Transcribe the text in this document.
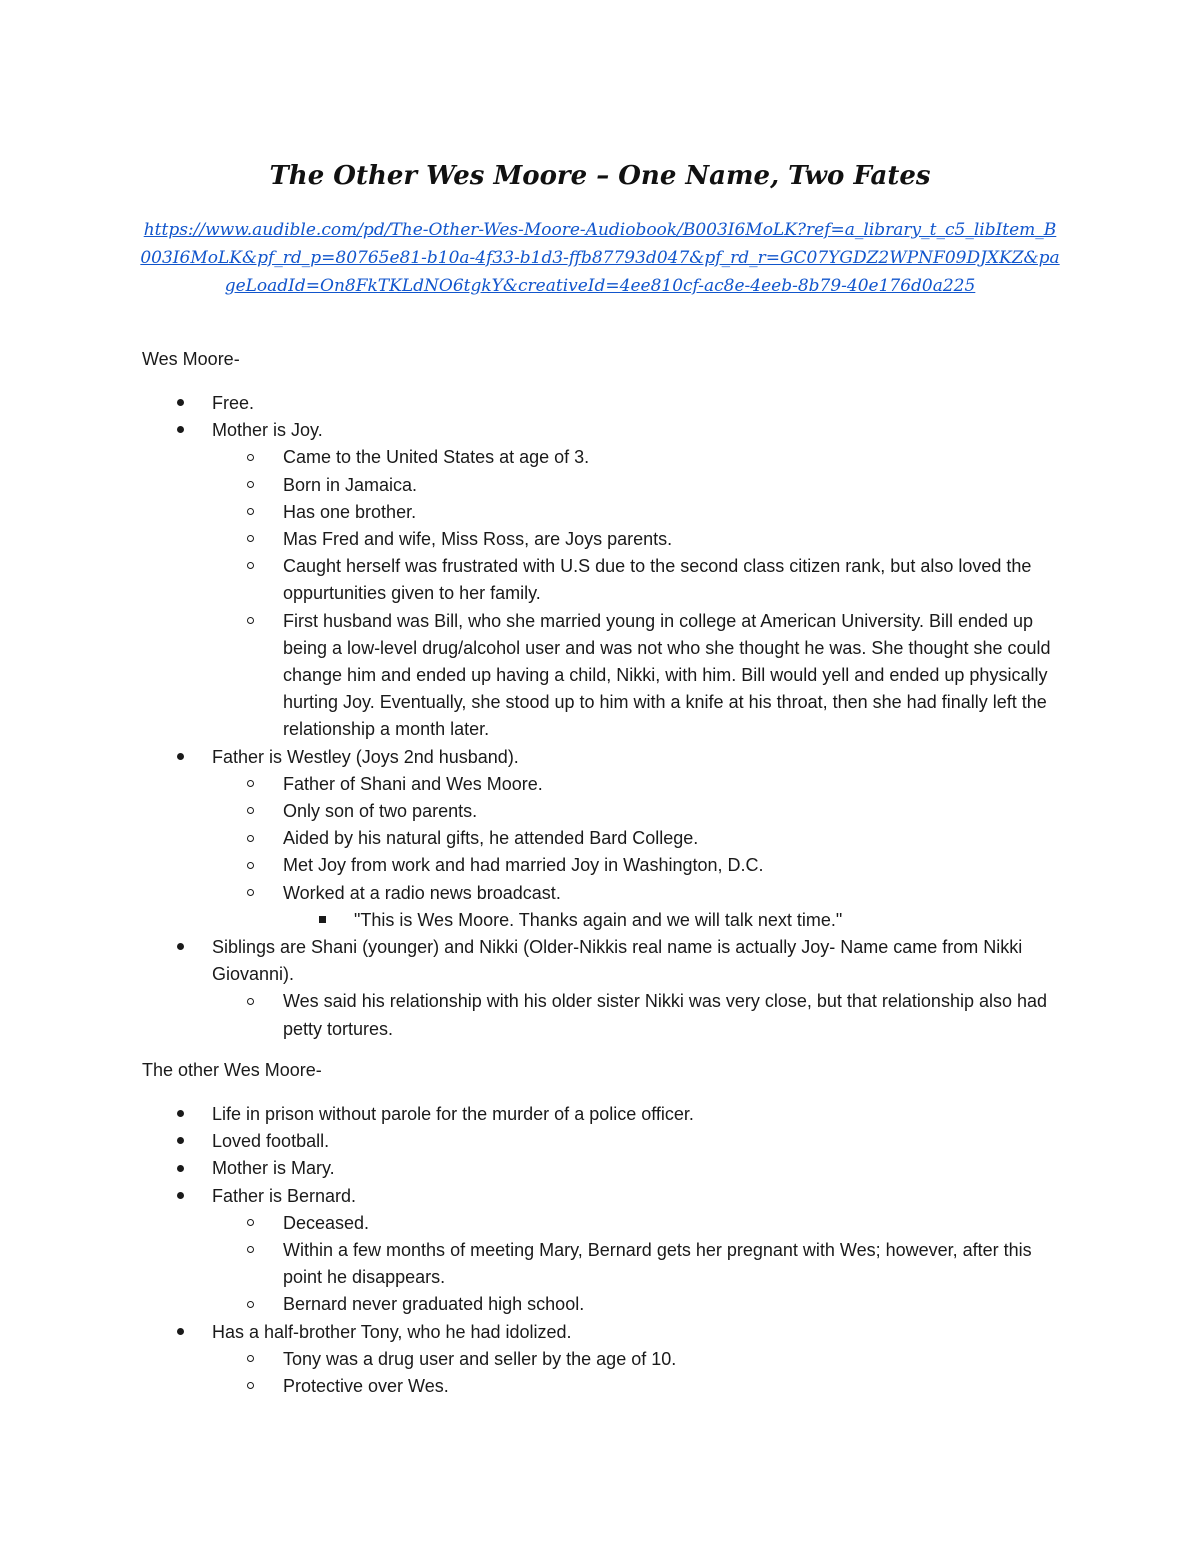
The Other Wes Moore – One Name, Two Fates
https://www.audible.com/pd/The-Other-Wes-Moore-Audiobook/B003I6MoLK?ref=a_library_t_c5_libItem_B003I6MoLK&pf_rd_p=80765e81-b10a-4f33-b1d3-ffb87793d047&pf_rd_r=GC07YGDZ2WPNF09DJXKZ&pageLoadId=On8FkTKLdNO6tgkY&creativeId=4ee810cf-ac8e-4eeb-8b79-40e176d0a225

Wes Moore-

Free.
Mother is Joy.
Came to the United States at age of 3.
Born in Jamaica.
Has one brother.
Mas Fred and wife, Miss Ross, are Joys parents.
Caught herself was frustrated with U.S due to the second class citizen rank, but also loved the oppurtunities given to her family.
First husband was Bill, who she married young in college at American University. Bill ended up being a low-level drug/alcohol user and was not who she thought he was. She thought she could change him and ended up having a child, Nikki, with him. Bill would yell and ended up physically hurting Joy. Eventually, she stood up to him with a knife at his throat, then she had finally left the relationship a month later.
Father is Westley (Joys 2nd husband).
Father of Shani and Wes Moore.
Only son of two parents.
Aided by his natural gifts, he attended Bard College.
Met Joy from work and had married Joy in Washington, D.C.
Worked at a radio news broadcast.
"This is Wes Moore. Thanks again and we will talk next time."
Siblings are Shani (younger) and Nikki (Older-Nikkis real name is actually Joy- Name came from Nikki Giovanni).
Wes said his relationship with his older sister Nikki was very close, but that relationship also had petty tortures.

The other Wes Moore-

Life in prison without parole for the murder of a police officer.
Loved football.
Mother is Mary.
Father is Bernard.
Deceased.
Within a few months of meeting Mary, Bernard gets her pregnant with Wes; however, after this point he disappears.
Bernard never graduated high school.
Has a half-brother Tony, who he had idolized.
Tony was a drug user and seller by the age of 10.
Protective over Wes.
